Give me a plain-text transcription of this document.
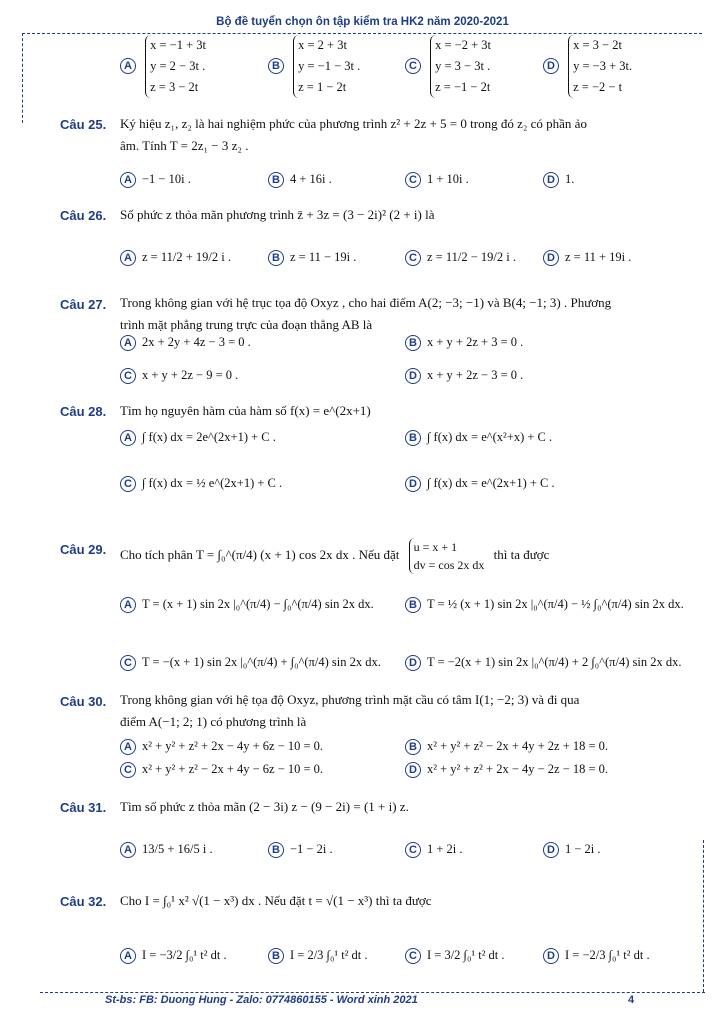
Bộ đề tuyển chọn ôn tập kiểm tra HK2 năm 2020-2021
A
x = −1 + 3t
y = 2 − 3t .
z = 3 − 2t
B
x = 2 + 3t
y = −1 − 3t .
z = 1 − 2t
C
x = −2 + 3t
y = 3 − 3t .
z = −1 − 2t
D
x = 3 − 2t
y = −3 + 3t.
z = −2 − t
Câu 25. Ký hiệu z₁, z₂ là hai nghiệm phức của phương trình z² + 2z + 5 = 0 trong đó z₂ có phần ảo
âm. Tính T = 2z₁ − 3 z₂ .
A −1 − 10i .	B 4 + 16i .	C 1 + 10i .	D 1.
Câu 26. Số phức z thỏa mãn phương trình z̄ + 3z = (3 − 2i)² (2 + i) là
A z = 11/2 + 19/2 i .	B z = 11 − 19i .	C z = 11/2 − 19/2 i .	D z = 11 + 19i .
Câu 27. Trong không gian với hệ trục tọa độ Oxyz , cho hai điểm A(2; −3; −1) và B(4; −1; 3) . Phương
trình mặt phẳng trung trực của đoạn thẳng AB là
A 2x + 2y + 4z − 3 = 0 .	B x + y + 2z + 3 = 0 .
C x + y + 2z − 9 = 0 .	D x + y + 2z − 3 = 0 .
Câu 28. Tìm họ nguyên hàm của hàm số f(x) = e^(2x+1)
A ∫ f(x) dx = 2e^(2x+1) + C .	B ∫ f(x) dx = e^(x²+x) + C .
C ∫ f(x) dx = ½ e^(2x+1) + C .	D ∫ f(x) dx = e^(2x+1) + C .
Câu 29. Cho tích phân T = ∫₀^(π/4) (x + 1) cos 2x dx . Nếu đặt u = x + 1
dv = cos 2x dx
thì ta được
A T = (x + 1) sin 2x |₀^(π/4) − ∫₀^(π/4) sin 2x dx.	B T = ½ (x + 1) sin 2x |₀^(π/4) − ½ ∫₀^(π/4) sin 2x dx.
C T = −(x + 1) sin 2x |₀^(π/4) + ∫₀^(π/4) sin 2x dx.	D T = −2(x + 1) sin 2x |₀^(π/4) + 2 ∫₀^(π/4) sin 2x dx.
Câu 30. Trong không gian với hệ tọa độ Oxyz, phương trình mặt cầu có tâm I(1; −2; 3) và đi qua
điểm A(−1; 2; 1) có phương trình là
A x² + y² + z² + 2x − 4y + 6z − 10 = 0.	B x² + y² + z² − 2x + 4y + 2z + 18 = 0.
C x² + y² + z² − 2x + 4y − 6z − 10 = 0.	D x² + y² + z² + 2x − 4y − 2z − 18 = 0.
Câu 31. Tìm số phức z thỏa mãn (2 − 3i) z − (9 − 2i) = (1 + i) z.
A 13/5 + 16/5 i .	B −1 − 2i .	C 1 + 2i .	D 1 − 2i .
Câu 32. Cho I = ∫₀¹ x² √(1 − x³) dx . Nếu đặt t = √(1 − x³) thì ta được
A I = −3/2 ∫₀¹ t² dt .	B I = 2/3 ∫₀¹ t² dt .	C I = 3/2 ∫₀¹ t² dt .	D I = −2/3 ∫₀¹ t² dt .
St-bs: FB: Duong Hung - Zalo: 0774860155 - Word xinh 2021	4
